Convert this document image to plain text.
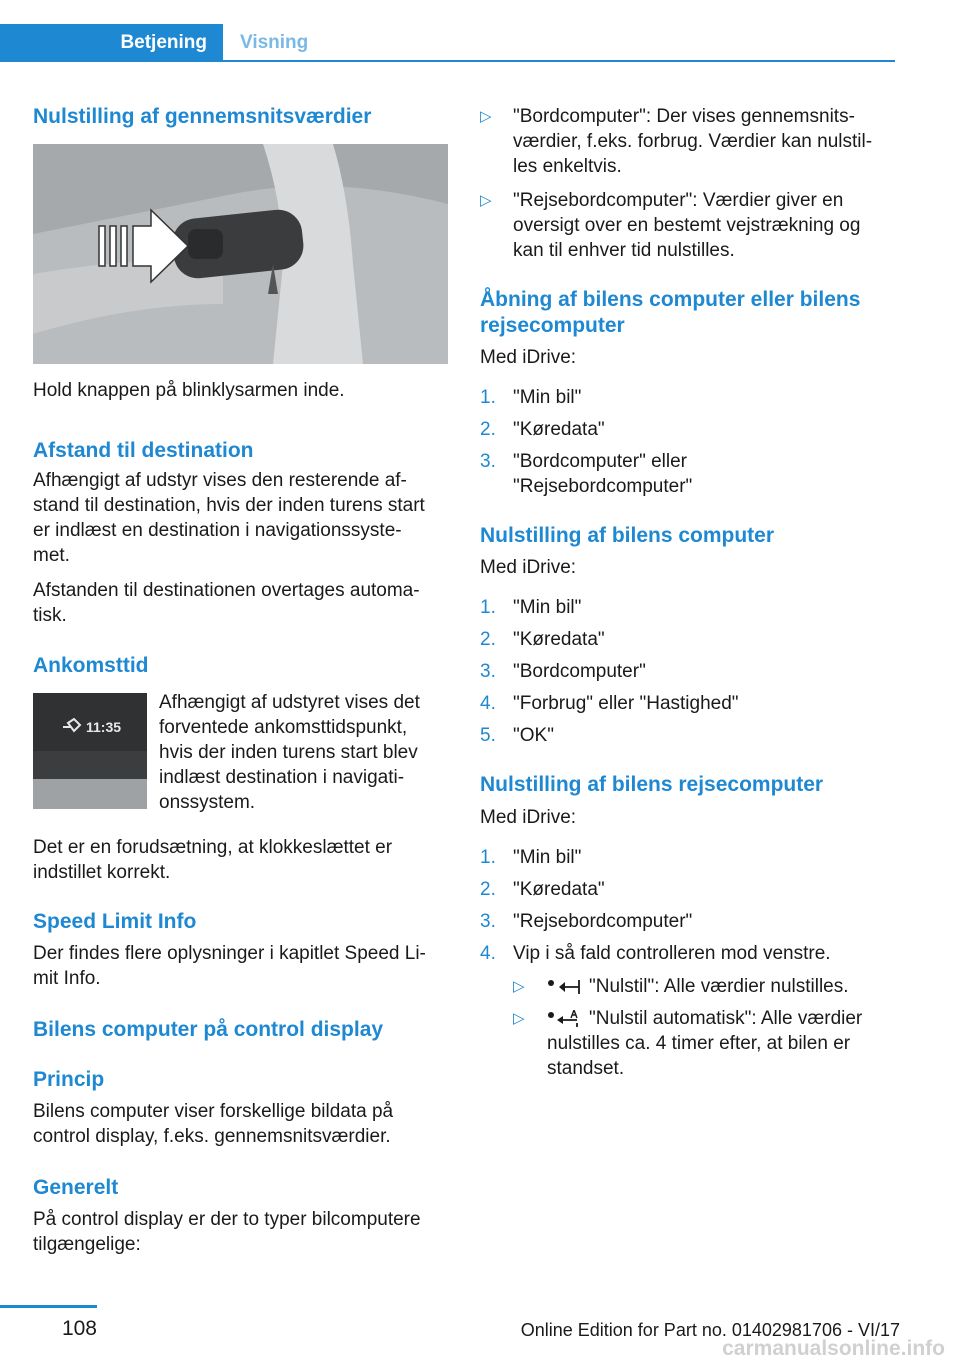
Betjening	Visning
Nulstilling af gennemsnitsværdier

Hold knappen på blinklysarmen inde.

Afstand til destination
Afhængigt af udstyr vises den resterende af‐
stand til destination, hvis der inden turens start
er indlæst en destination i navigationssyste‐
met.
Afstanden til destinationen overtages automa‐
tisk.
Ankomsttid
11:35
Afhængigt af udstyret vises det
forventede ankomsttidspunkt,
hvis der inden turens start blev
indlæst destination i navigati‐
onssystem.
Det er en forudsætning, at klokkeslættet er
indstillet korrekt.
Speed Limit Info
Der findes flere oplysninger i kapitlet Speed Li‐
mit Info.
Bilens computer på control display
Princip
Bilens computer viser forskellige bildata på
control display, f.eks. gennemsnitsværdier.
Generelt
På control display er der to typer bilcomputere
tilgængelige:
▷ "Bordcomputer": Der vises gennemsnits‐
værdier, f.eks. forbrug. Værdier kan nulstil‐
les enkeltvis.
▷ "Rejsebordcomputer": Værdier giver en
oversigt over en bestemt vejstrækning og
kan til enhver tid nulstilles.
Åbning af bilens computer eller bilens
rejsecomputer

Med iDrive:

1. "Min bil"
2. "Køredata"
3. "Bordcomputer" eller
"Rejsebordcomputer"
Nulstilling af bilens computer

Med iDrive:

1. "Min bil"
2. "Køredata"
3. "Bordcomputer"
4. "Forbrug" eller "Hastighed"
5. "OK"
Nulstilling af bilens rejsecomputer

Med iDrive:

1. "Min bil"
2. "Køredata"
3. "Rejsebordcomputer"
4. Vip i så fald controlleren mod venstre.
▷	"Nulstil": Alle værdier nulstilles.
▷	"Nulstil automatisk": Alle værdier
nulstilles ca. 4 timer efter, at bilen er
standset.
108	Online Edition for Part no. 01402981706 - VI/17
carmanualsonline.info
